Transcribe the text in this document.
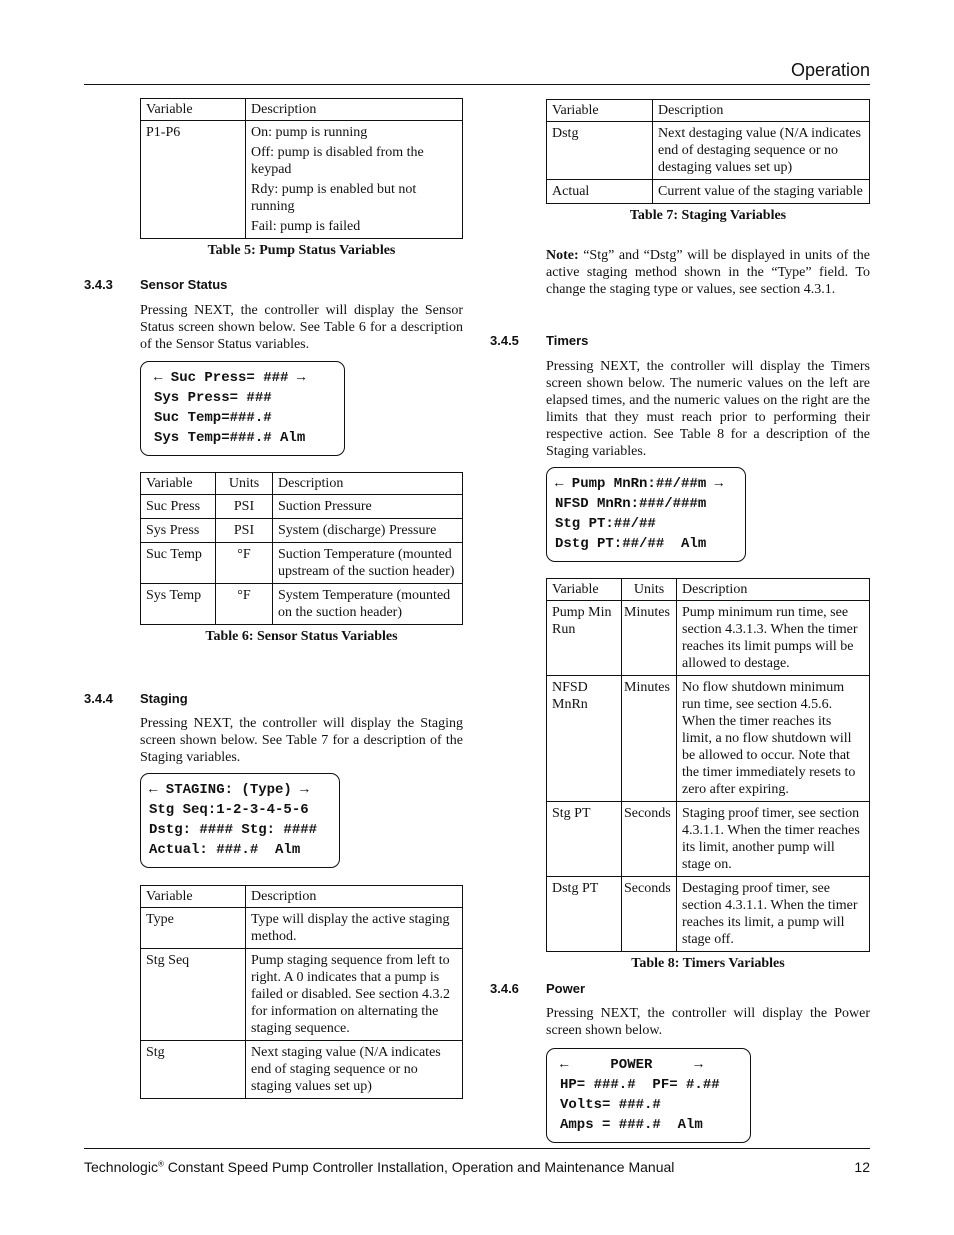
Operation
Variable	Description
P1-P6	On: pump is running

Off: pump is disabled from the keypad

Rdy: pump is enabled but not running

Fail: pump is failed

Table 5: Pump Status Variables
3.4.3 Sensor Status
Pressing NEXT, the controller will display the Sensor Status screen shown below. See Table 6 for a description of the Sensor Status variables.
← Suc Press= ### →
Sys Press= ###
Suc Temp=###.#
Sys Temp=###.# Alm
Variable	Units	Description
Suc Press	PSI	Suction Pressure
Sys Press	PSI	System (discharge) Pressure
Suc Temp	°F	Suction Temperature (mounted upstream of the suction header)
Sys Temp	°F	System Temperature (mounted on the suction header)
Table 6: Sensor Status Variables
3.4.4 Staging
Pressing NEXT, the controller will display the Staging screen shown below. See Table 7 for a description of the Staging variables.
← STAGING: (Type) →
Stg Seq:1-2-3-4-5-6
Dstg: #### Stg: ####
Actual: ###.#  Alm
Variable	Description
Type	Type will display the active staging method.
Stg Seq	Pump staging sequence from left to right. A 0 indicates that a pump is failed or disabled. See section 4.3.2 for information on alternating the staging sequence.
Stg	Next staging value (N/A indicates end of staging sequence or no staging values set up)
Variable	Description
Dstg	Next destaging value (N/A indicates end of destaging sequence or no destaging values set up)
Actual	Current value of the staging variable
Table 7: Staging Variables
Note: “Stg” and “Dstg” will be displayed in units of the active staging method shown in the “Type” field. To change the staging type or values, see section 4.3.1.
3.4.5 Timers
Pressing NEXT, the controller will display the Timers screen shown below. The numeric values on the left are elapsed times, and the numeric values on the right are the limits that they must reach prior to performing their respective action. See Table 8 for a description of the Staging variables.
← Pump MnRn:##/##m →
NFSD MnRn:###/###m
Stg PT:##/##
Dstg PT:##/##  Alm
Variable	Units	Description
Pump Min Run	Minutes	Pump minimum run time, see section 4.3.1.3. When the timer reaches its limit pumps will be allowed to destage.
NFSD MnRn	Minutes	No flow shutdown minimum run time, see section 4.5.6. When the timer reaches its limit, a no flow shutdown will be allowed to occur. Note that the timer immediately resets to zero after expiring.
Stg PT	Seconds	Staging proof timer, see section 4.3.1.1. When the timer reaches its limit, another pump will stage on.
Dstg PT	Seconds	Destaging proof timer, see section 4.3.1.1. When the timer reaches its limit, a pump will stage off.
Table 8: Timers Variables
3.4.6 Power
Pressing NEXT, the controller will display the Power screen shown below.
←     POWER     →
HP= ###.#  PF= #.##
Volts= ###.#
Amps = ###.#  Alm
Technologic® Constant Speed Pump Controller Installation, Operation and Maintenance Manual	12
